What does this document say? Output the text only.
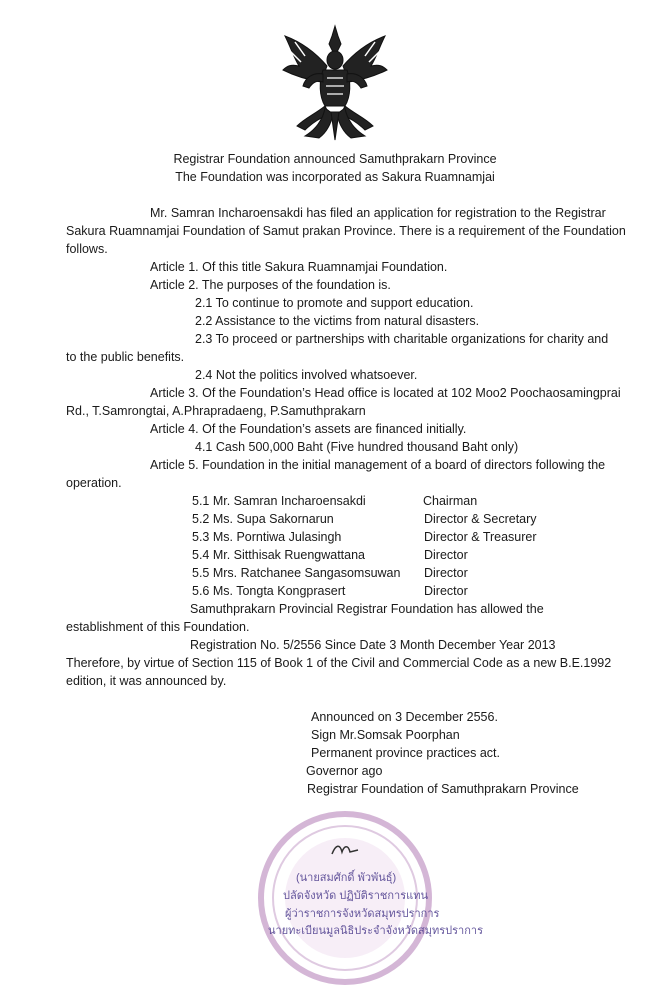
Registrar Foundation announced Samuthprakarn Province
The Foundation was incorporated as Sakura Ruamnamjai
Mr. Samran Incharoensakdi has filed an application for registration to the Registrar
Sakura Ruamnamjai Foundation of Samut prakan Province. There is a requirement of the Foundation
follows.
Article 1. Of this title Sakura Ruamnamjai Foundation.
Article 2. The purposes of the foundation is.
2.1 To continue to promote and support education.
2.2 Assistance to the victims from natural disasters.
2.3 To proceed or partnerships with charitable organizations for charity and
to the public benefits.
2.4 Not the politics involved whatsoever.
Article 3. Of the Foundation’s Head office is located at 102 Moo2 Poochaosamingprai
Rd., T.Samrongtai, A.Phrapradaeng, P.Samuthprakarn
Article 4. Of the Foundation’s assets are financed initially.
4.1 Cash 500,000 Baht (Five hundred thousand Baht only)
Article 5. Foundation in the initial management of a board of directors following the
operation.
5.1 Mr. Samran Incharoensakdi	Chairman
5.2 Ms. Supa Sakornarun	Director & Secretary
5.3 Ms. Porntiwa Julasingh	Director & Treasurer
5.4 Mr. Sitthisak Ruengwattana	Director
5.5 Mrs. Ratchanee Sangasomsuwan Director
5.6 Ms. Tongta Kongprasert	Director
Samuthprakarn Provincial Registrar Foundation has allowed the
establishment of this Foundation.
Registration No. 5/2556 Since Date 3 Month December Year 2013
Therefore, by virtue of Section 115 of Book 1 of the Civil and Commercial Code as a new B.E.1992
edition, it was announced by.
Announced on 3 December 2556.
Sign Mr.Somsak Poorphan
Permanent province practices act.
Governor ago
Registrar Foundation of Samuthprakarn Province
(นายสมศักดิ์ พัวพันธุ์)
ปลัดจังหวัด ปฏิบัติราชการแทน
ผู้ว่าราชการจังหวัดสมุทรปราการ
นายทะเบียนมูลนิธิประจำจังหวัดสมุทรปราการ
